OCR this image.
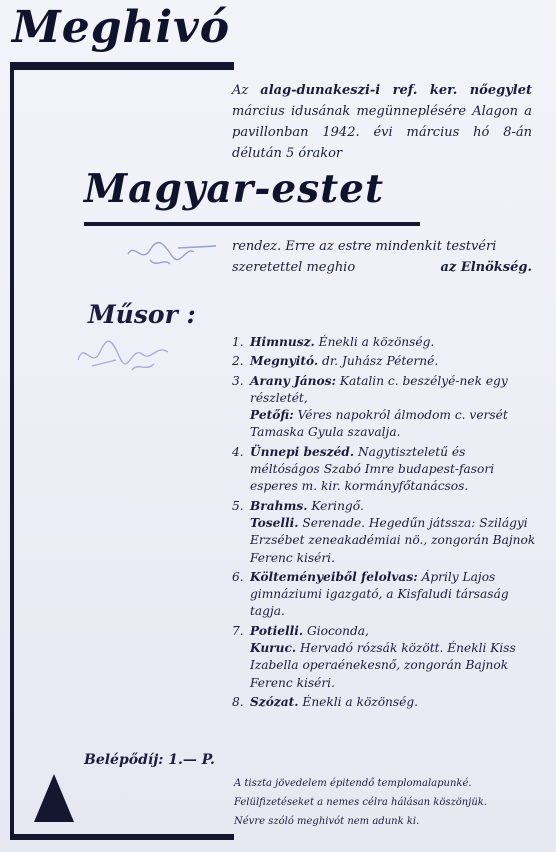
Meghivó
Az alag-dunakeszi-i ref. ker. nőegylet március idusának megünneplésére Alagon a pavillonban 1942. évi március hó 8-án délután 5 órakor
Magyar-estet
rendez. Erre az estre mindenkit testvéri szeretettel meghio	az Elnökség.
Műsor :
1. Himnusz. Énekli a közönség.
2. Megnyitó. dr. Juhász Péterné.
3. Arany János: Katalin c. beszélyé-nek egy részletét,
Petőfi: Véres napokról álmodom c. versét Tamaska Gyula szavalja.
4. Ünnepi beszéd. Nagytiszteletű és méltóságos Szabó Imre budapest-fasori esperes m. kir. kormányfőtanácsos.
5. Brahms. Keringő.
Toselli. Serenade. Hegedűn játssza: Szilágyi Erzsébet zeneakadémiai nö., zongorán Bajnok Ferenc kiséri.
6. Költeményeiből felolvas: Áprily Lajos gimnáziumi igazgató, a Kisfaludi társaság tagja.
7. Potielli. Gioconda,
Kuruc. Hervadó rózsák között. Énekli Kiss Izabella operaénekesnő, zongorán Bajnok Ferenc kiséri.
8. Szózat. Énekli a közönség.
Belépődíj: 1.— P.
A tiszta jövedelem épitendő templomalapunké.
Felülfizetéseket a nemes célra hálásan köszönjük.
Névre szóló meghivót nem adunk ki.
